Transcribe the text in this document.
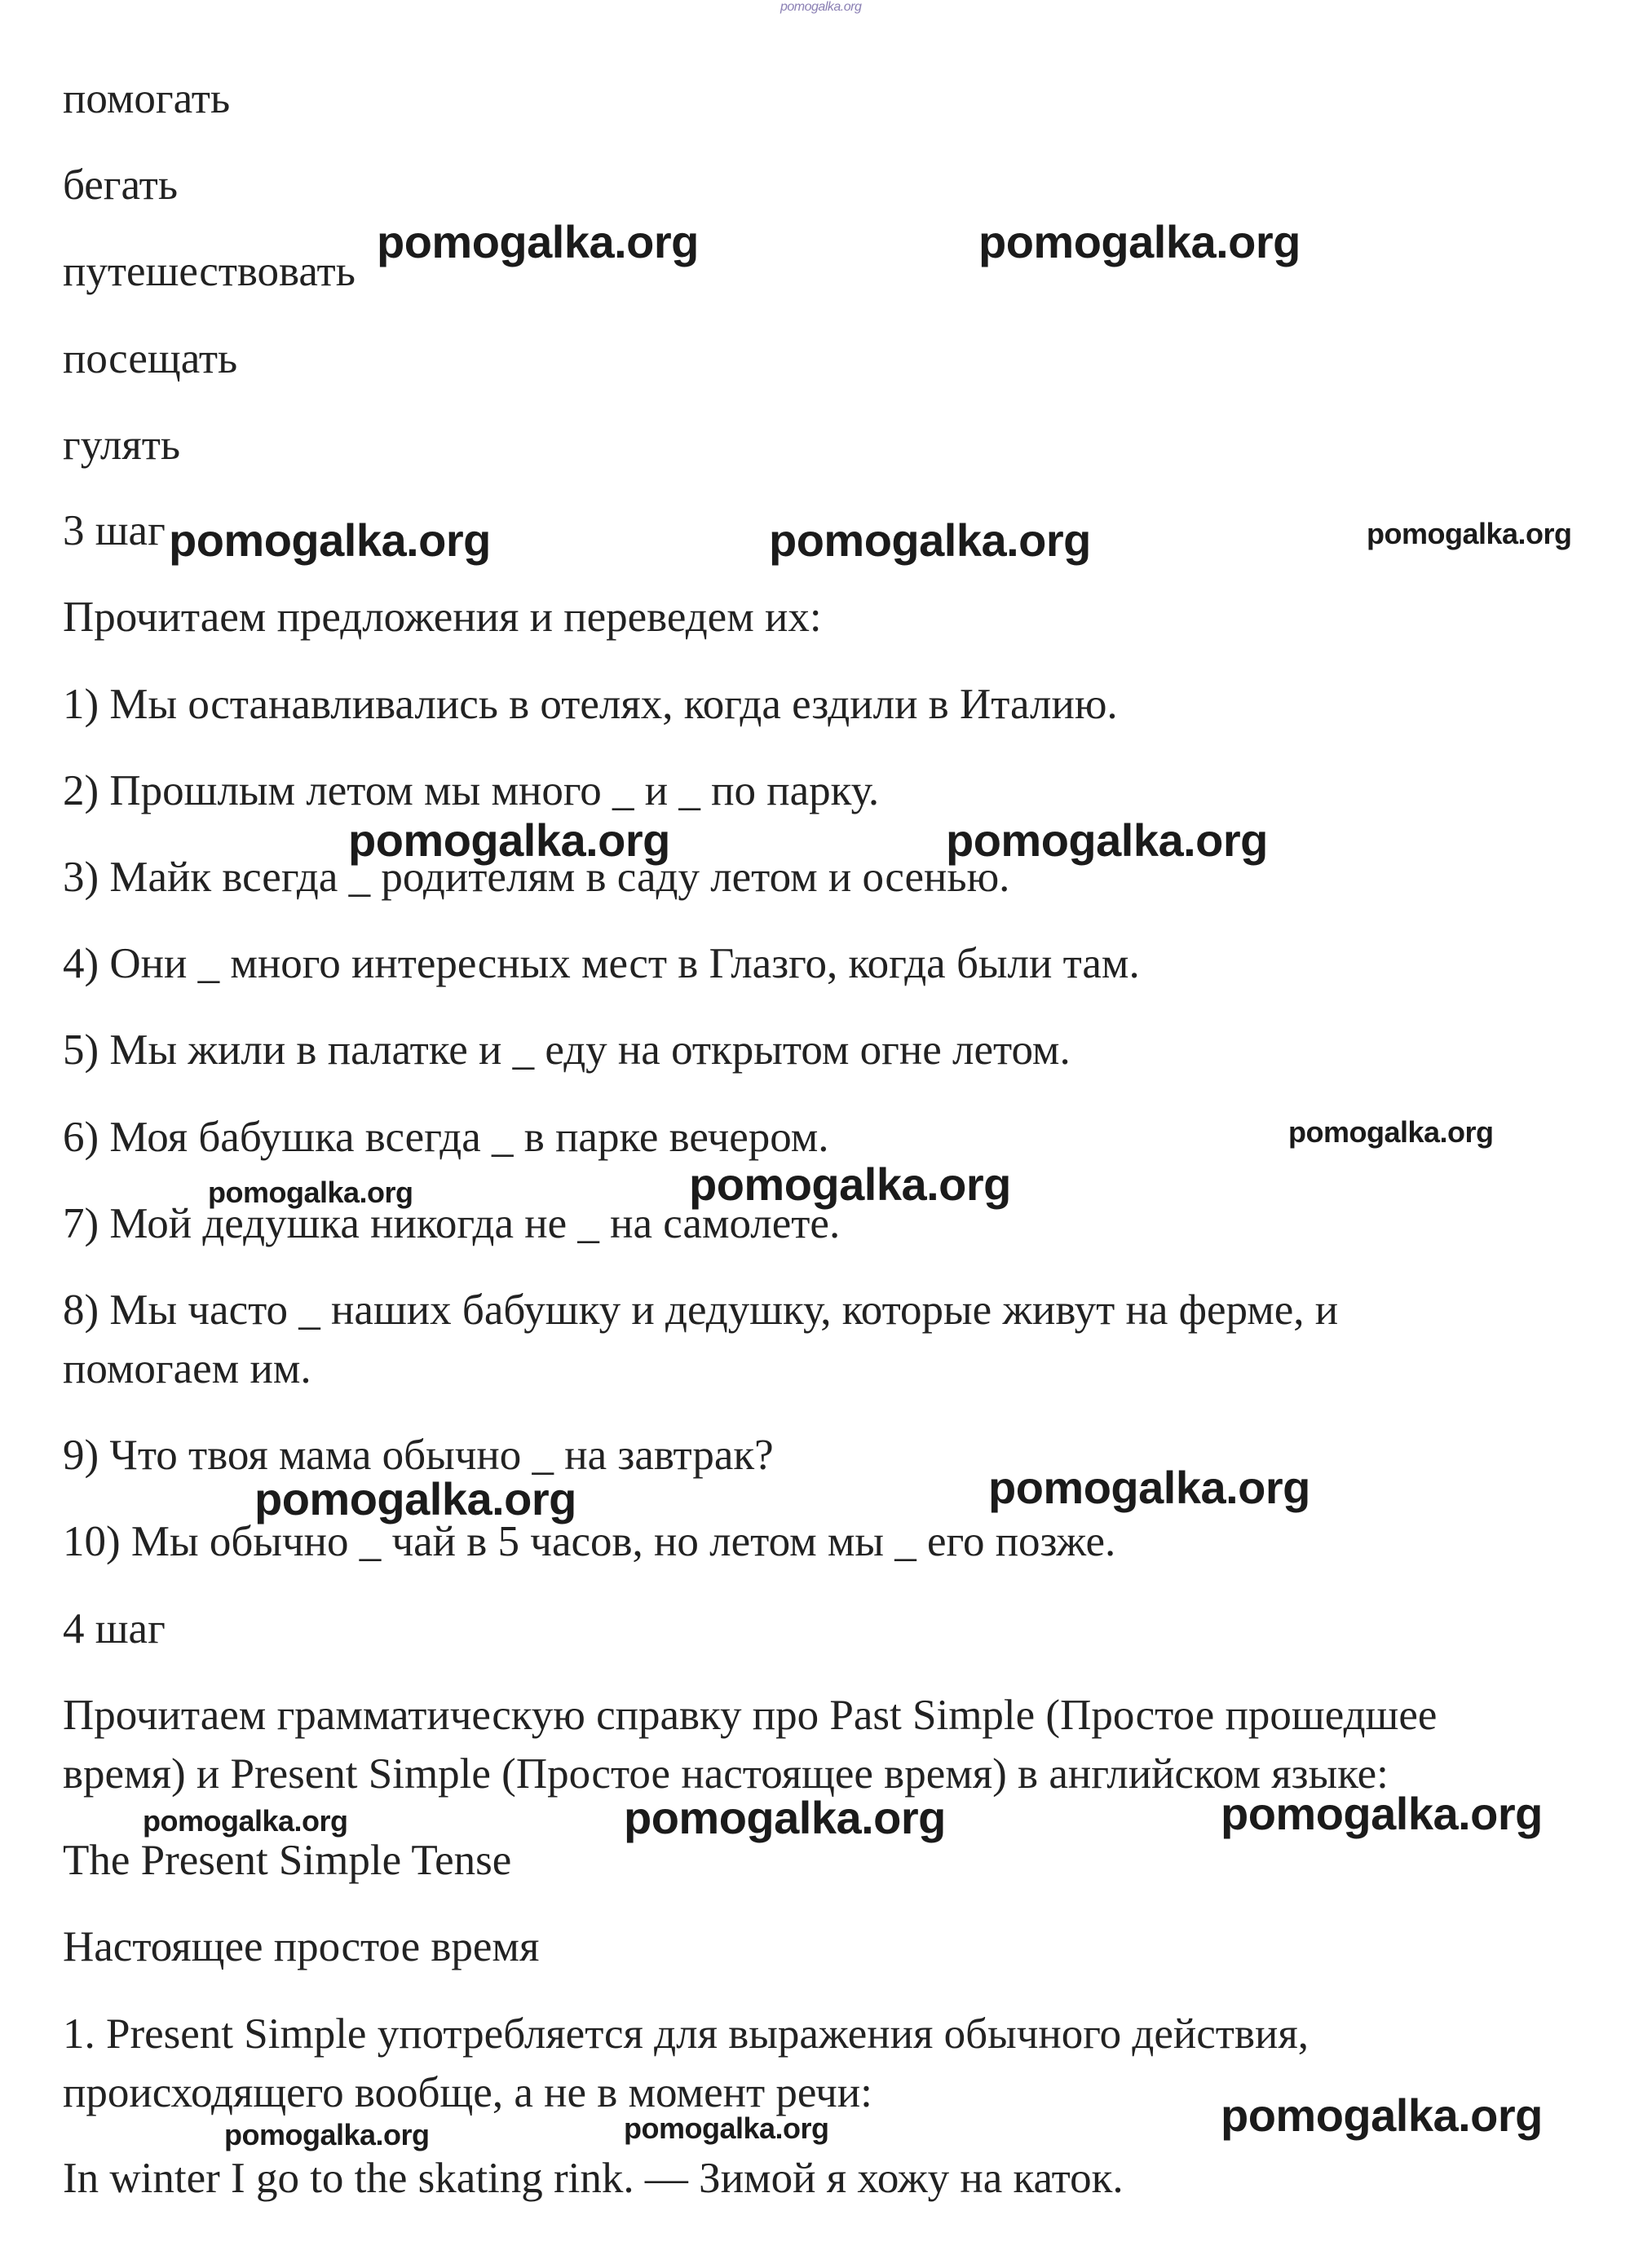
pomogalka.org
помогать
бегать
путешествовать
посещать
гулять
3 шаг
Прочитаем предложения и переведем их:
1) Мы останавливались в отелях, когда ездили в Италию.
2) Прошлым летом мы много _ и _ по парку.
3) Майк всегда _ родителям в саду летом и осенью.
4) Они _ много интересных мест в Глазго, когда были там.
5) Мы жили в палатке и _ еду на открытом огне летом.
6) Моя бабушка всегда _ в парке вечером.
7) Мой дедушка никогда не _ на самолете.
8) Мы часто _ наших бабушку и дедушку, которые живут на ферме, и
помогаем им.
9) Что твоя мама обычно _ на завтрак?
10) Мы обычно _ чай в 5 часов, но летом мы _ его позже.
4 шаг
Прочитаем грамматическую справку про Past Simple (Простое прошедшее
время) и Present Simple (Простое настоящее время) в английском языке:
The Present Simple Tense
Настоящее простое время
1. Present Simple употребляется для выражения обычного действия,
происходящего вообще, а не в момент речи:
In winter I go to the skating rink. — Зимой я хожу на каток.
pomogalka.org	pomogalka.org
pomogalka.org	pomogalka.org	pomogalka.org
pomogalka.org	pomogalka.org
pomogalka.org
pomogalka.org
pomogalka.org
pomogalka.org	pomogalka.org
pomogalka.org	pomogalka.org	pomogalka.org
pomogalka.org
pomogalka.org	pomogalka.org
